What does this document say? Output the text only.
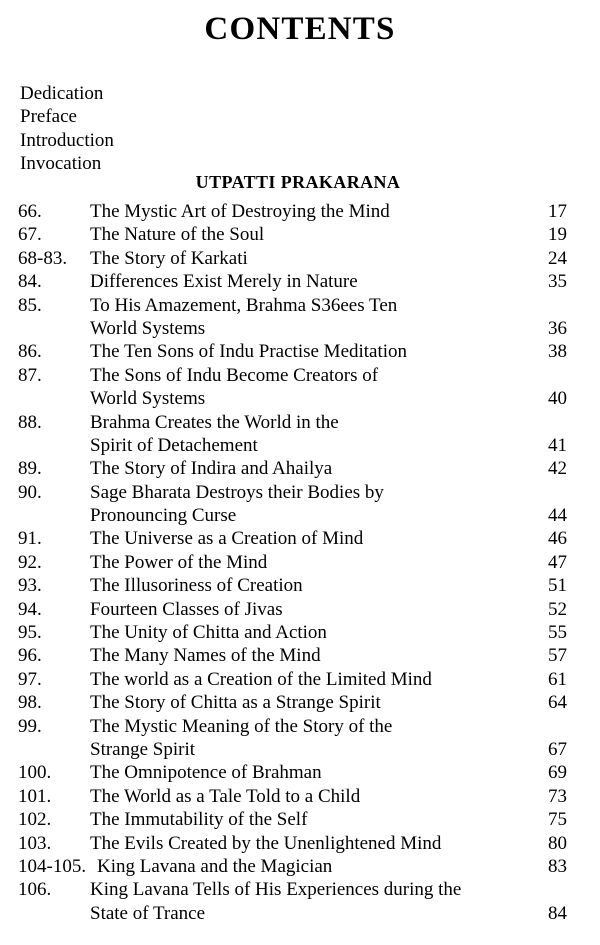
CONTENTS
Dedication
Preface
Introduction
Invocation
UTPATTI PRAKARANA
66.	The Mystic Art of Destroying the Mind	17
67.	The Nature of the Soul	19
68-83. The Story of Karkati	24
84.	Differences Exist Merely in Nature	35
85.	To His Amazement, Brahma S36ees Ten
World Systems	36
86.	The Ten Sons of Indu Practise Meditation	38
87.	The Sons of Indu Become Creators of
World Systems	40
88.	Brahma Creates the World in the
Spirit of Detachement	41
89.	The Story of Indira and Ahailya	42
90.	Sage Bharata Destroys their Bodies by
Pronouncing Curse	44
91.	The Universe as a Creation of Mind	46
92.	The Power of the Mind	47
93.	The Illusoriness of Creation	51
94.	Fourteen Classes of Jivas	52
95.	The Unity of Chitta and Action	55
96.	The Many Names of the Mind	57
97.	The world as a Creation of the Limited Mind	61
98.	The Story of Chitta as a Strange Spirit	64
99.	The Mystic Meaning of the Story of the
Strange Spirit	67
100. The Omnipotence of Brahman	69
101. The World as a Tale Told to a Child	73
102. The Immutability of the Self	75
103. The Evils Created by the Unenlightened Mind	80
104-105. King Lavana and the Magician	83
106. King Lavana Tells of His Experiences during the
State of Trance	84
